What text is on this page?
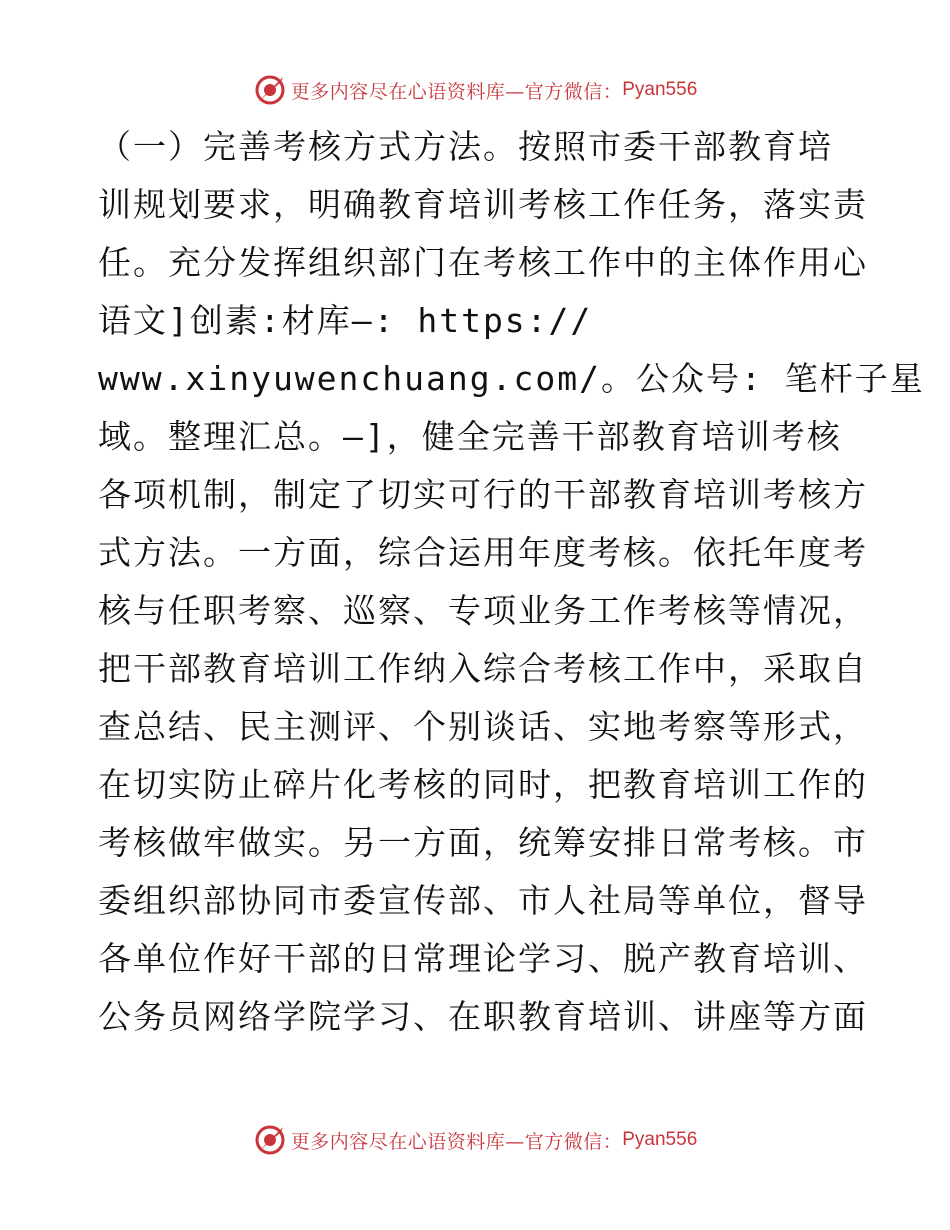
更多内容尽在心语资料库—官方微信： Pyan556
（一）完善考核方式方法。按照市委干部教育培
训规划要求，明确教育培训考核工作任务，落实责
任。充分发挥组织部门在考核工作中的主体作用心
语文]创素:材库—: https://
www.xinyuwenchuang.com/。公众号: 笔杆子星
域。整理汇总。—]，健全完善干部教育培训考核
各项机制，制定了切实可行的干部教育培训考核方
式方法。一方面，综合运用年度考核。依托年度考
核与任职考察、巡察、专项业务工作考核等情况，
把干部教育培训工作纳入综合考核工作中，采取自
查总结、民主测评、个别谈话、实地考察等形式，
在切实防止碎片化考核的同时，把教育培训工作的
考核做牢做实。另一方面，统筹安排日常考核。市
委组织部协同市委宣传部、市人社局等单位，督导
各单位作好干部的日常理论学习、脱产教育培训、
公务员网络学院学习、在职教育培训、讲座等方面
更多内容尽在心语资料库—官方微信： Pyan556
